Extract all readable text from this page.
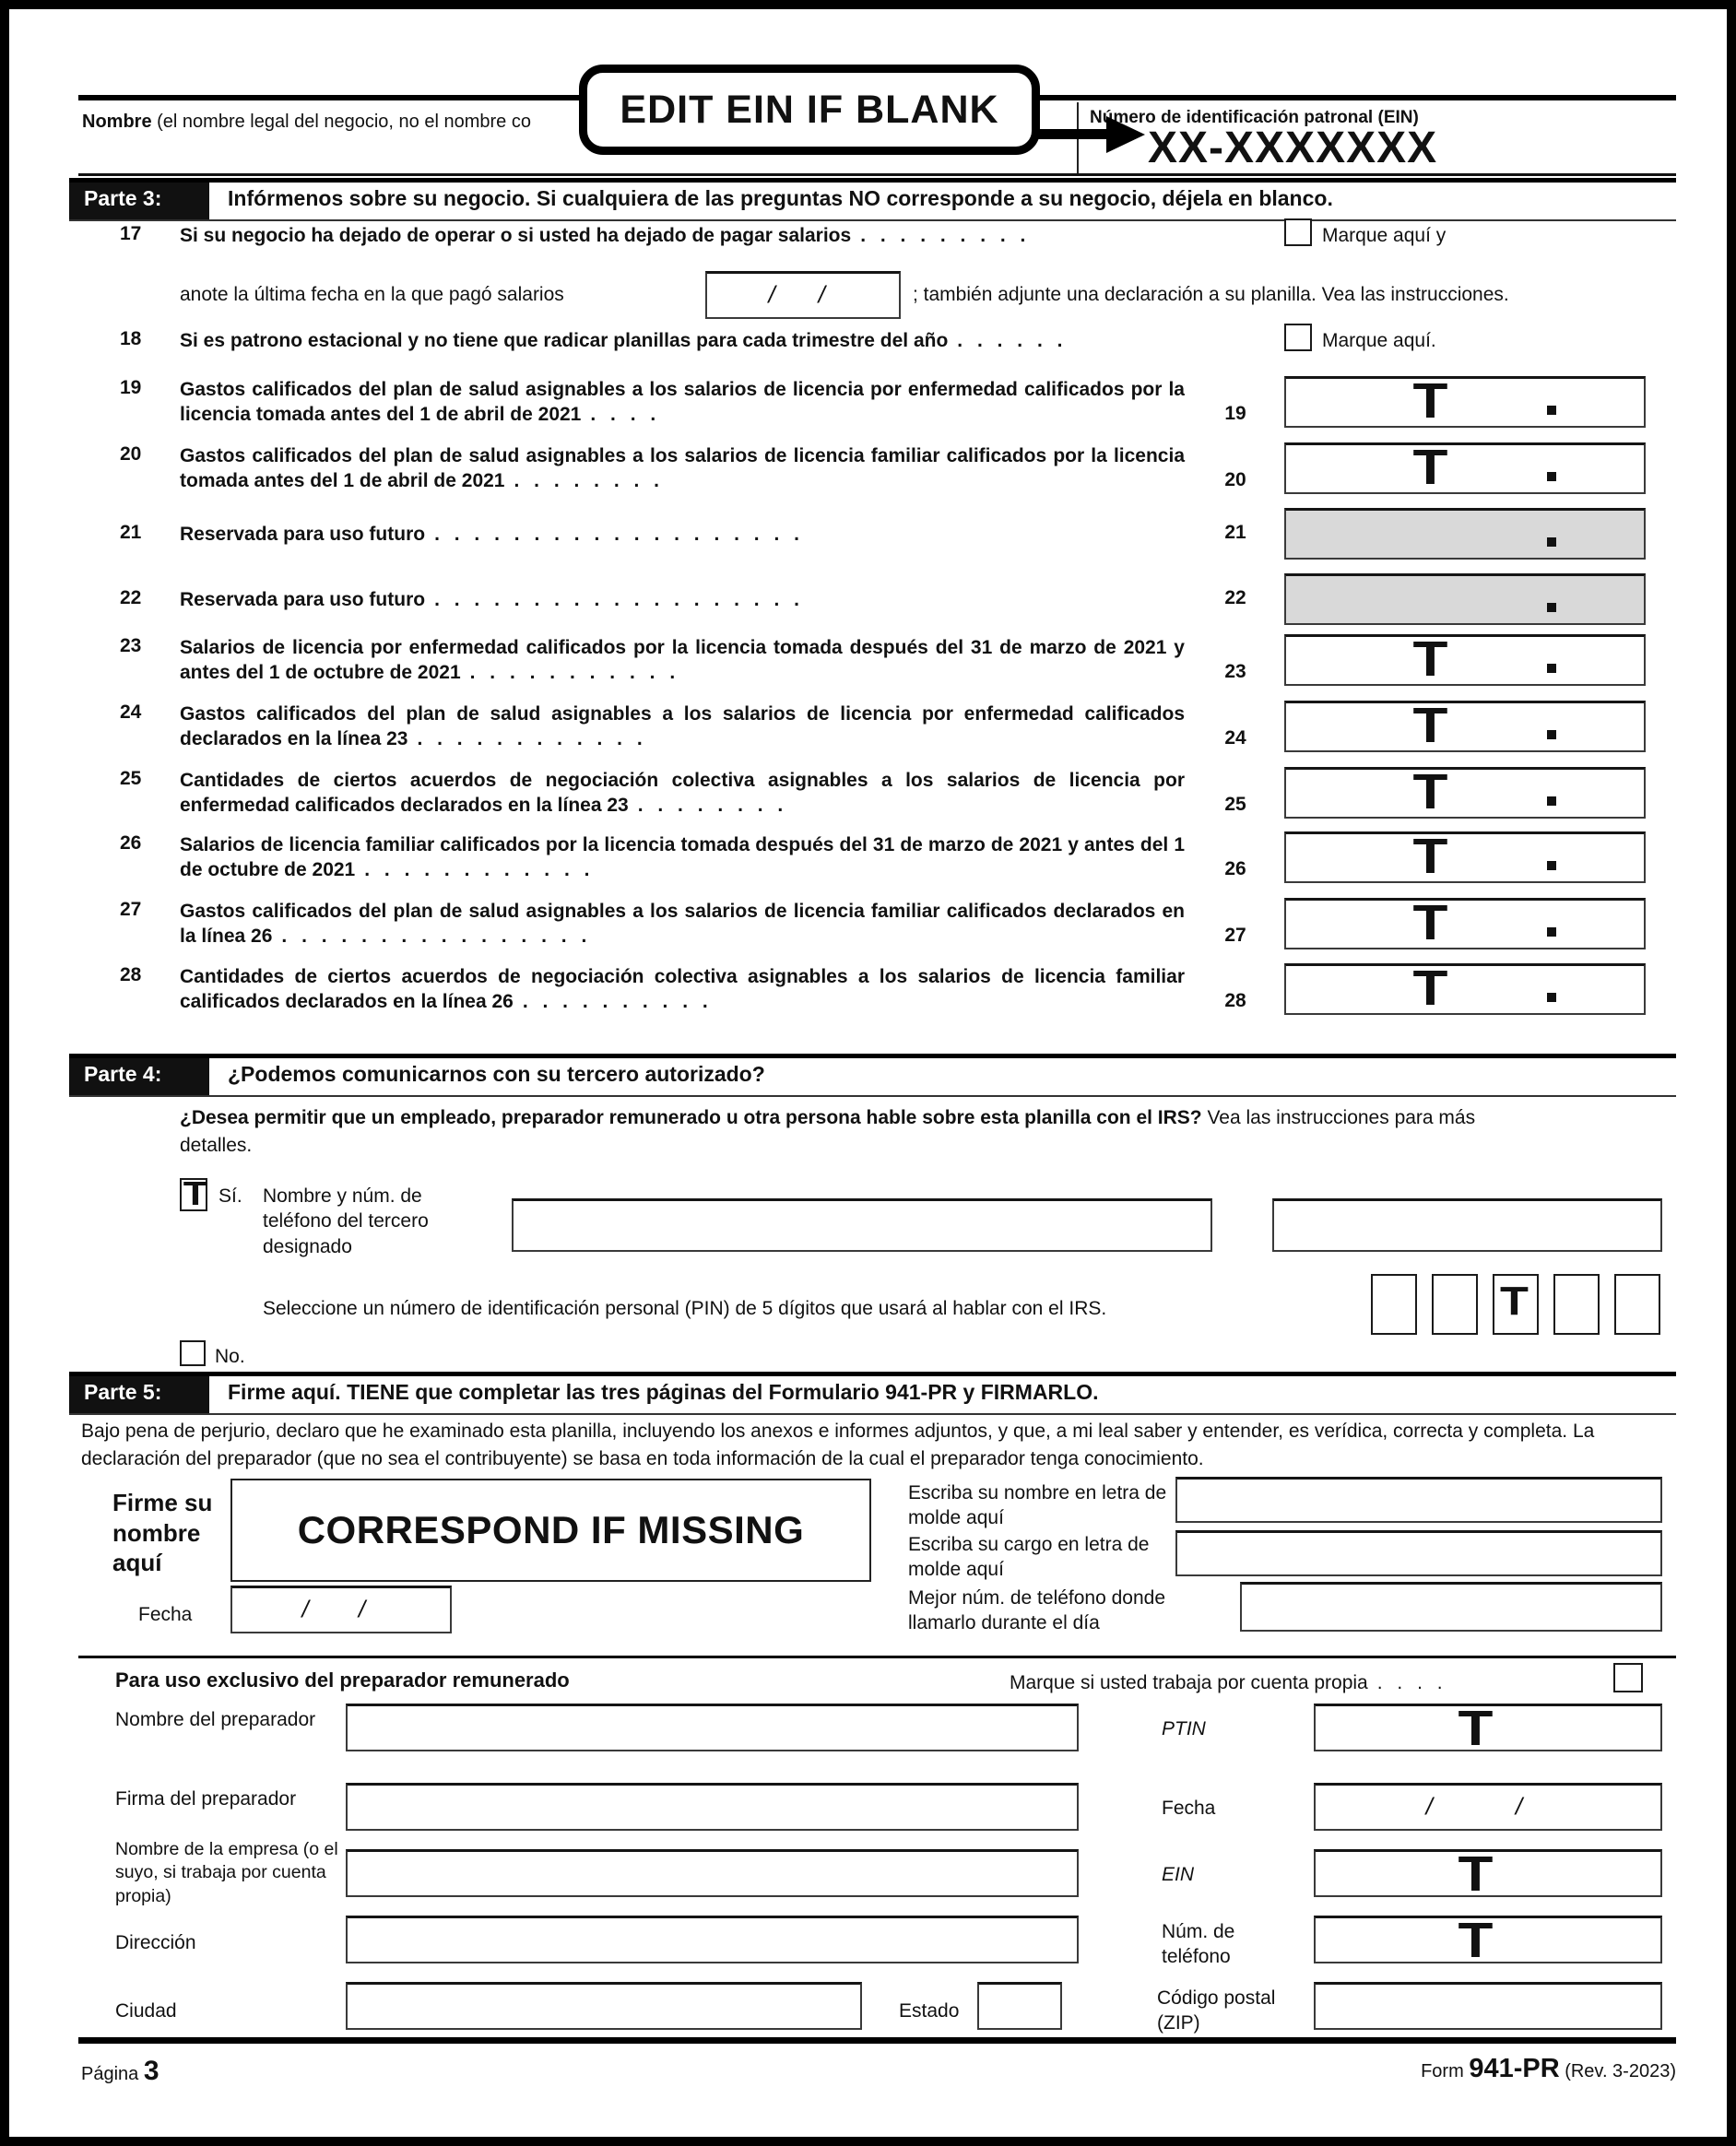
Nombre (el nombre legal del negocio, no el nombre co	Número de identificación patronal (EIN)
XX-XXXXXXX
EDIT EIN IF BLANK
Parte 3:	Infórmenos sobre su negocio. Si cualquiera de las preguntas NO corresponde a su negocio, déjela en blanco.
17 Si su negocio ha dejado de operar o si usted ha dejado de pagar salarios . . . . . . . . .	Marque aquí y
anote la última fecha en la que pagó salarios	/ /	; también adjunte una declaración a su planilla. Vea las instrucciones.
18 Si es patrono estacional y no tiene que radicar planillas para cada trimestre del año . . . . . .	Marque aquí.
19 Gastos calificados del plan de salud asignables a los salarios de licencia por enfermedad calificados por la licencia tomada antes del 1 de abril de 2021 . . . .	19	T
20 Gastos calificados del plan de salud asignables a los salarios de licencia familiar calificados por la licencia tomada antes del 1 de abril de 2021 . . . . . . . .	20	T
21 Reservada para uso futuro . . . . . . . . . . . . . . . . . . .	21
22 Reservada para uso futuro . . . . . . . . . . . . . . . . . . .	22
23 Salarios de licencia por enfermedad calificados por la licencia tomada después del 31 de marzo de 2021 y antes del 1 de octubre de 2021 . . . . . . . . . . .	23	T
24 Gastos calificados del plan de salud asignables a los salarios de licencia por enfermedad calificados declarados en la línea 23 . . . . . . . . . . . .	24	T
25 Cantidades de ciertos acuerdos de negociación colectiva asignables a los salarios de licencia por enfermedad calificados declarados en la línea 23 . . . . . . . .	25	T
26 Salarios de licencia familiar calificados por la licencia tomada después del 31 de marzo de 2021 y antes del 1 de octubre de 2021 . . . . . . . . . . . .	26	T
27 Gastos calificados del plan de salud asignables a los salarios de licencia familiar calificados declarados en la línea 26 . . . . . . . . . . . . . . . .	27	T
28 Cantidades de ciertos acuerdos de negociación colectiva asignables a los salarios de licencia familiar calificados declarados en la línea 26 . . . . . . . . . .	28	T
Parte 4:	¿Podemos comunicarnos con su tercero autorizado?
¿Desea permitir que un empleado, preparador remunerado u otra persona hable sobre esta planilla con el IRS? Vea las instrucciones para más detalles.
T Sí. Nombre y núm. de teléfono del tercero designado
Seleccione un número de identificación personal (PIN) de 5 dígitos que usará al hablar con el IRS.	T
No.
Parte 5:	Firme aquí. TIENE que completar las tres páginas del Formulario 941-PR y FIRMARLO.
Bajo pena de perjurio, declaro que he examinado esta planilla, incluyendo los anexos e informes adjuntos, y que, a mi leal saber y entender, es verídica, correcta y completa. La declaración del preparador (que no sea el contribuyente) se basa en toda información de la cual el preparador tenga conocimiento.
Firme su nombre aquí
CORRESPOND IF MISSING
Escriba su nombre en letra de molde aquí
Escriba su cargo en letra de molde aquí
Fecha	/ /	Mejor núm. de teléfono donde llamarlo durante el día
Para uso exclusivo del preparador remunerado	Marque si usted trabaja por cuenta propia . . . .
Nombre del preparador	PTIN	T
Firma del preparador	Fecha	/	/
Nombre de la empresa (o el suyo, si trabaja por cuenta propia)
EIN	T
Dirección
Núm. de teléfono	T
Ciudad	Estado
Código postal (ZIP)
Página 3	Form 941-PR (Rev. 3-2023)
